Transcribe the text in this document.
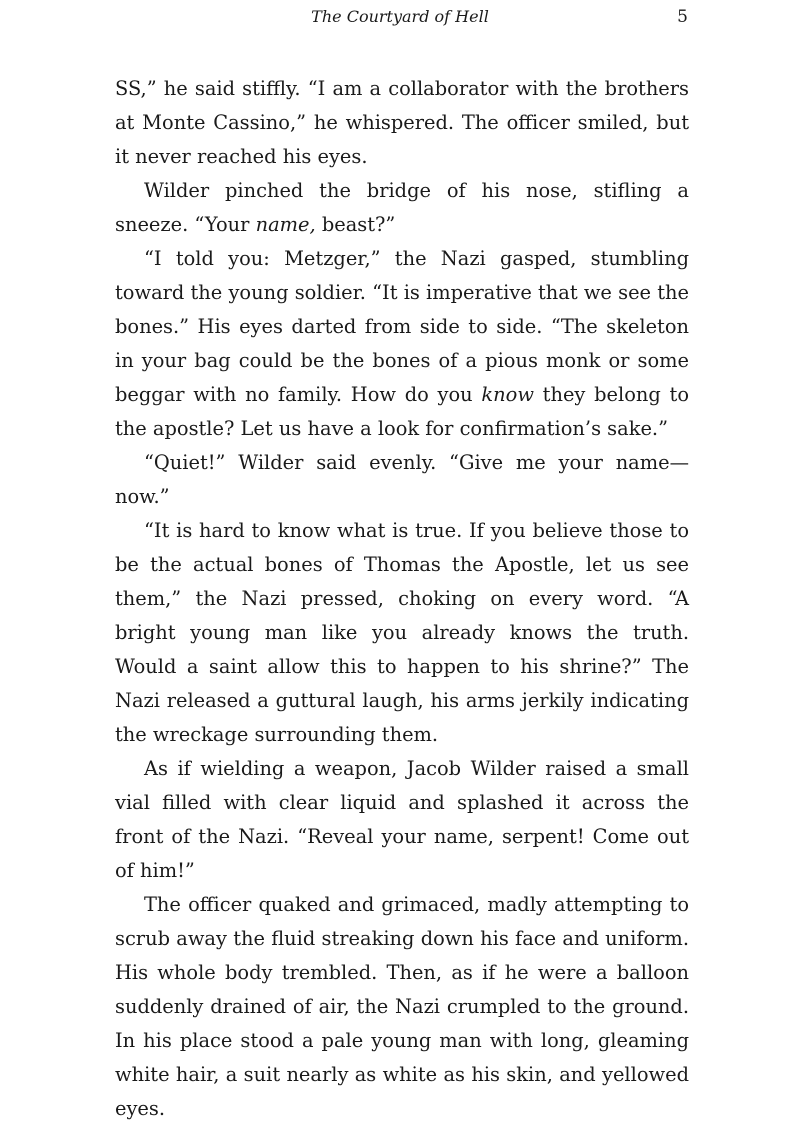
The Courtyard of Hell	5

SS,” he said stiffly. “I am a collaborator with the brothers at Monte Cassino,” he whispered. The officer smiled, but it never reached his eyes.

Wilder pinched the bridge of his nose, stifling a sneeze. “Your name, beast?”

“I told you: Metzger,” the Nazi gasped, stumbling toward the young soldier. “It is imperative that we see the bones.” His eyes darted from side to side. “The skeleton in your bag could be the bones of a pious monk or some beggar with no family. How do you know they belong to the apostle? Let us have a look for confirmation’s sake.”

“Quiet!” Wilder said evenly. “Give me your name—now.”

“It is hard to know what is true. If you believe those to be the actual bones of Thomas the Apostle, let us see them,” the Nazi pressed, choking on every word. “A bright young man like you already knows the truth. Would a saint allow this to happen to his shrine?” The Nazi released a guttural laugh, his arms jerkily indicating the wreckage surrounding them.

As if wielding a weapon, Jacob Wilder raised a small vial filled with clear liquid and splashed it across the front of the Nazi. “Reveal your name, serpent! Come out of him!”

The officer quaked and grimaced, madly attempting to scrub away the fluid streaking down his face and uniform. His whole body trembled. Then, as if he were a balloon suddenly drained of air, the Nazi crumpled to the ground. In his place stood a pale young man with long, gleaming white hair, a suit nearly as white as his skin, and yellowed eyes.
